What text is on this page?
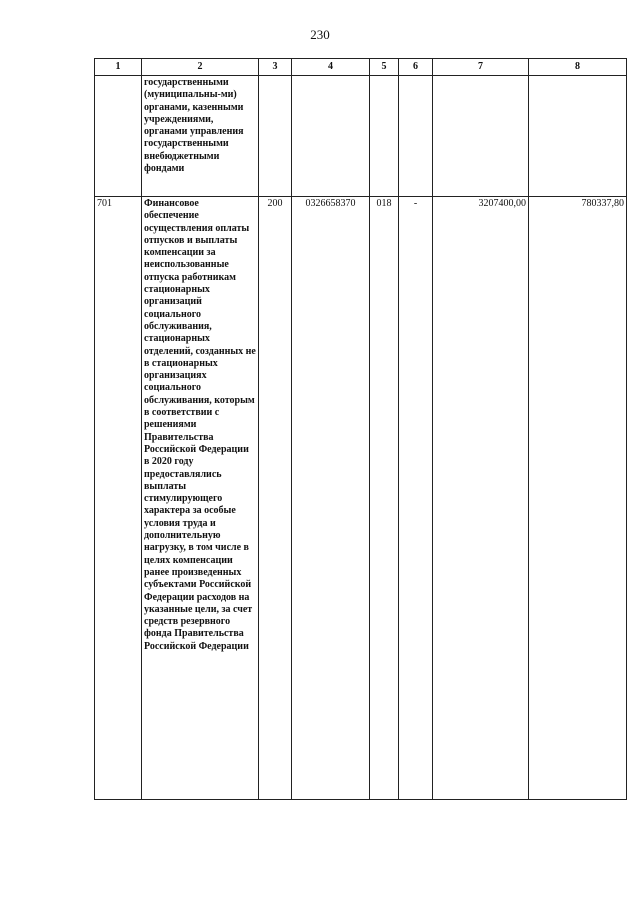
230
1	2	3	4	5	6	7	8
	государственными (муниципальны-ми) органами, казенными учреждениями, органами управления государственными внебюджетными фондами						
701	Финансовое обеспечение осуществления оплаты отпусков и выплаты компенсации за неиспользованные отпуска работникам стационарных организаций социального обслуживания, стационарных отделений, созданных не в стационарных организациях социального обслуживания, которым в соответствии с решениями Правительства Российской Федерации в 2020 году предоставлялись выплаты стимулирующего характера за особые условия труда и дополнительную нагрузку, в том числе в целях компенсации ранее произведенных субъектами Российской Федерации расходов на указанные цели, за счет средств резервного фонда Правительства Российской Федерации	200	0326658370	018	-	3207400,00	780337,80
